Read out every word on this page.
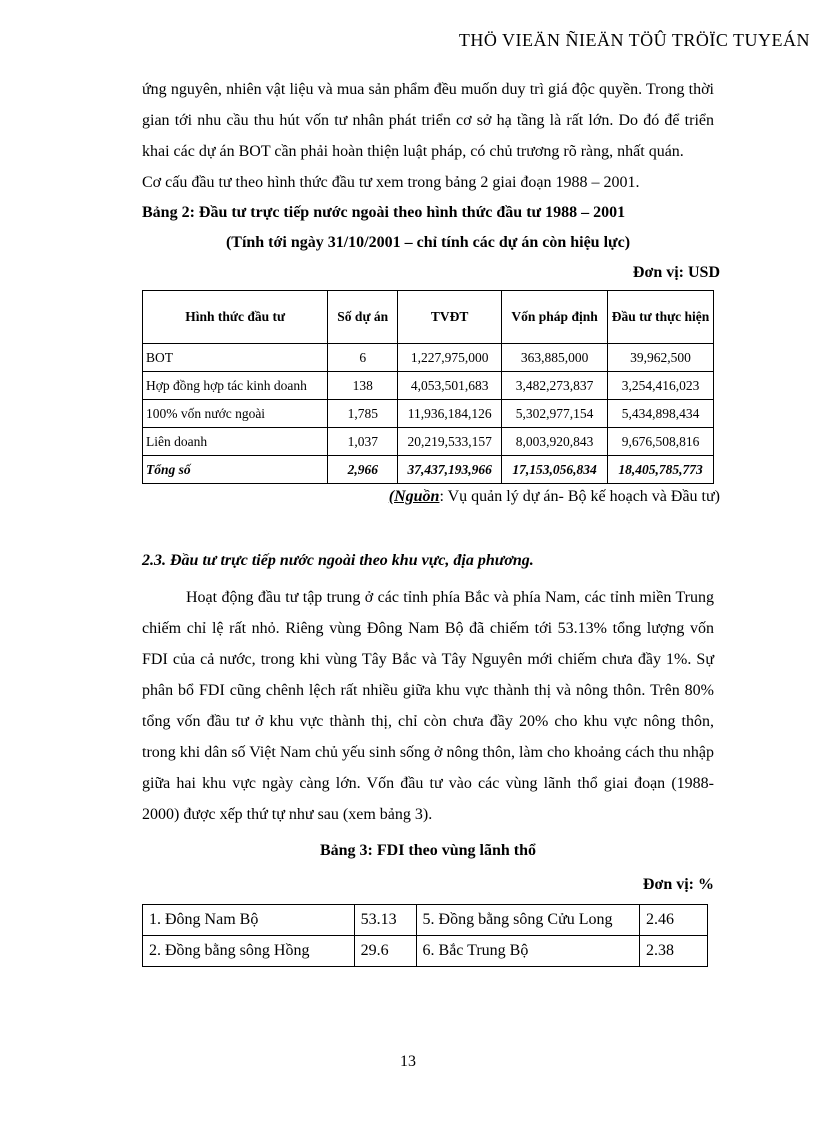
THÖ VIEÄN ÑIEÄN TÖÛ TRÖÏC TUYEÁN

ứng nguyên, nhiên vật liệu và mua sản phẩm đều muốn duy trì giá độc quyền. Trong thời gian tới nhu cầu thu hút vốn tư nhân phát triển cơ sở hạ tầng là rất lớn. Do đó để triển khai các dự án BOT cần phải hoàn thiện luật pháp, có chủ trương rõ ràng, nhất quán.

Cơ cấu đầu tư theo hình thức đầu tư xem trong bảng 2 giai đoạn 1988 – 2001.

Bảng 2: Đầu tư trực tiếp nước ngoài theo hình thức đầu tư 1988 – 2001

(Tính tới ngày 31/10/2001 – chỉ tính các dự án còn hiệu lực)

Đơn vị: USD

Hình thức đầu tư	Số dự án	TVĐT	Vốn pháp định	Đầu tư thực hiện
BOT	6	1,227,975,000	363,885,000	39,962,500
Hợp đồng hợp tác kinh doanh	138	4,053,501,683	3,482,273,837	3,254,416,023
100% vốn nước ngoài	1,785	11,936,184,126	5,302,977,154	5,434,898,434
Liên doanh	1,037	20,219,533,157	8,003,920,843	9,676,508,816
Tổng số	2,966	37,437,193,966	17,153,056,834	18,405,785,773

(Nguồn: Vụ quản lý dự án- Bộ kế hoạch và Đầu tư)

2.3. Đầu tư trực tiếp nước ngoài theo khu vực, địa phương.

Hoạt động đầu tư tập trung ở các tỉnh phía Bắc và phía Nam, các tỉnh miền Trung chiếm chỉ lệ rất nhỏ. Riêng vùng Đông Nam Bộ đã chiếm tới 53.13% tổng lượng vốn FDI của cả nước, trong khi vùng Tây Bắc và Tây Nguyên mới chiếm chưa đầy 1%. Sự phân bổ FDI cũng chênh lệch rất nhiều giữa khu vực thành thị và nông thôn. Trên 80% tổng vốn đầu tư ở khu vực thành thị, chỉ còn chưa đầy 20% cho khu vực nông thôn, trong khi dân số Việt Nam chủ yếu sinh sống ở nông thôn, làm cho khoảng cách thu nhập giữa hai khu vực ngày càng lớn. Vốn đầu tư vào các vùng lãnh thổ giai đoạn (1988- 2000) được xếp thứ tự như sau (xem bảng 3).

Bảng 3: FDI theo vùng lãnh thổ

Đơn vị: %

1. Đông Nam Bộ	53.13	5. Đồng bằng sông Cửu Long	2.46
2. Đồng bằng sông Hồng	29.6	6. Bắc Trung Bộ	2.38
13
